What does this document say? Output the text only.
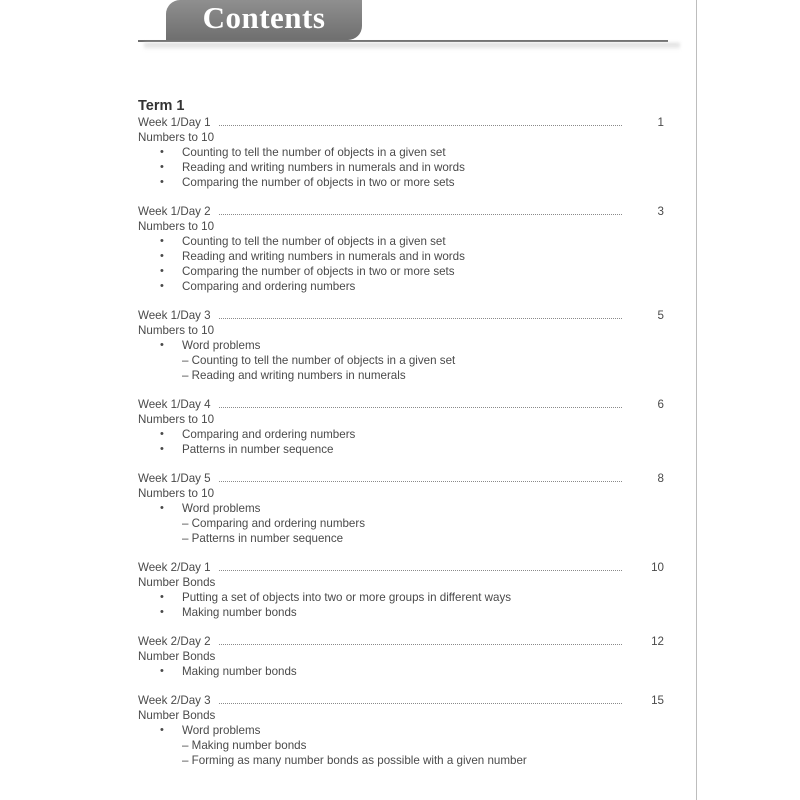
Contents
Term 1
Week 1/Day 1	1
Numbers to 10
• Counting to tell the number of objects in a given set
• Reading and writing numbers in numerals and in words
• Comparing the number of objects in two or more sets
Week 1/Day 2	3
Numbers to 10
• Counting to tell the number of objects in a given set
• Reading and writing numbers in numerals and in words
• Comparing the number of objects in two or more sets
• Comparing and ordering numbers
Week 1/Day 3	5
Numbers to 10
• Word problems
– Counting to tell the number of objects in a given set
– Reading and writing numbers in numerals
Week 1/Day 4	6
Numbers to 10
• Comparing and ordering numbers
• Patterns in number sequence
Week 1/Day 5	8
Numbers to 10
• Word problems
– Comparing and ordering numbers
– Patterns in number sequence
Week 2/Day 1	10
Number Bonds
• Putting a set of objects into two or more groups in different ways
• Making number bonds
Week 2/Day 2	12
Number Bonds
• Making number bonds
Week 2/Day 3	15
Number Bonds
• Word problems
– Making number bonds
– Forming as many number bonds as possible with a given number
